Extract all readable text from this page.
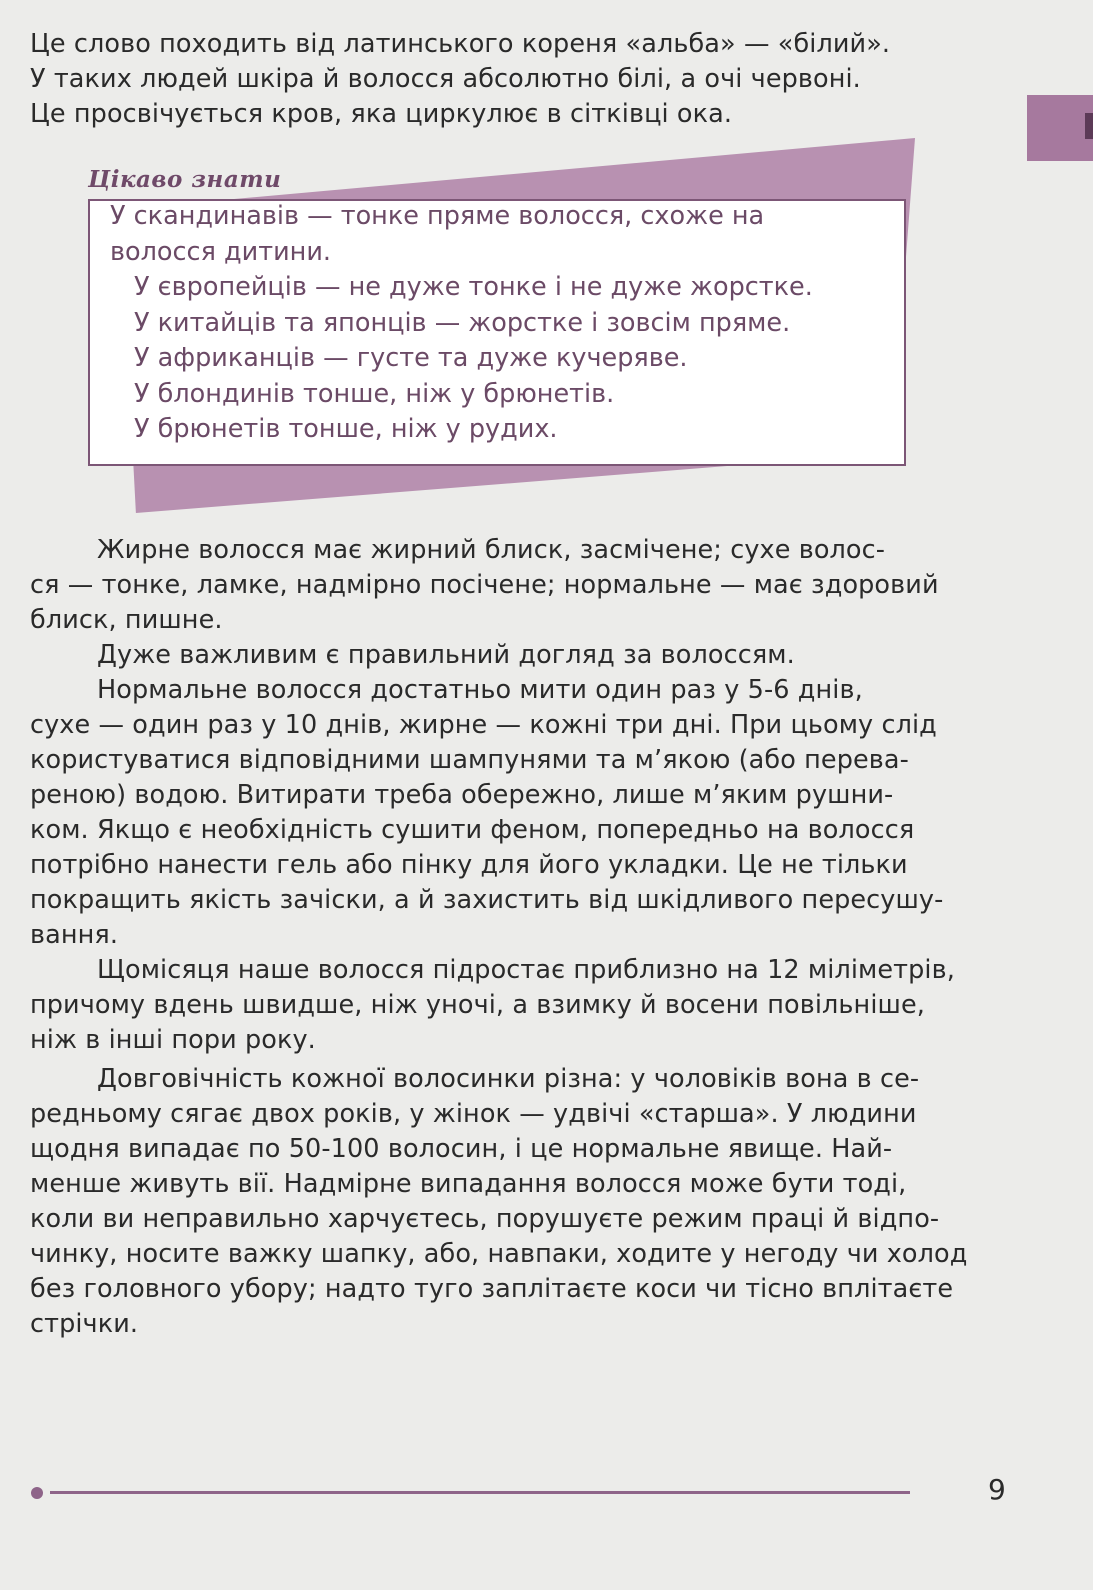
Це слово походить від латинського кореня «альба» — «білий».
У таких людей шкіра й волосся абсолютно білі, а очі червоні.
Це просвічується кров, яка циркулює в сітківці ока.
Цікаво знати
У скандинавів — тонке пряме волосся, схоже на
волосся дитини.
У європейців — не дуже тонке і не дуже жорстке.
У китайців та японців — жорстке і зовсім пряме.
У африканців — густе та дуже кучеряве.
У блондинів тонше, ніж у брюнетів.
У брюнетів тонше, ніж у рудих.
Жирне волосся має жирний блиск, засмічене; сухе волос-
ся — тонке, ламке, надмірно посічене; нормальне — має здоровий
блиск, пишне.
Дуже важливим є правильний догляд за волоссям.
Нормальне волосся достатньо мити один раз у 5-6 днів,
сухе — один раз у 10 днів, жирне — кожні три дні. При цьому слід
користуватися відповідними шампунями та м’якою (або перева-
реною) водою. Витирати треба обережно, лише м’яким рушни-
ком. Якщо є необхідність сушити феном, попередньо на волосся
потрібно нанести гель або пінку для його укладки. Це не тільки
покращить якість зачіски, а й захистить від шкідливого пересушу-
вання.
Щомісяця наше волосся підростає приблизно на 12 міліметрів,
причому вдень швидше, ніж уночі, а взимку й восени повільніше,
ніж в інші пори року.
Довговічність кожної волосинки різна: у чоловіків вона в се-
редньому сягає двох років, у жінок — удвічі «старша». У людини
щодня випадає по 50-100 волосин, і це нормальне явище. Най-
менше живуть вії. Надмірне випадання волосся може бути тоді,
коли ви неправильно харчуєтесь, порушуєте режим праці й відпо-
чинку, носите важку шапку, або, навпаки, ходите у негоду чи холод
без головного убору; надто туго заплітаєте коси чи тісно вплітаєте
стрічки.
9
